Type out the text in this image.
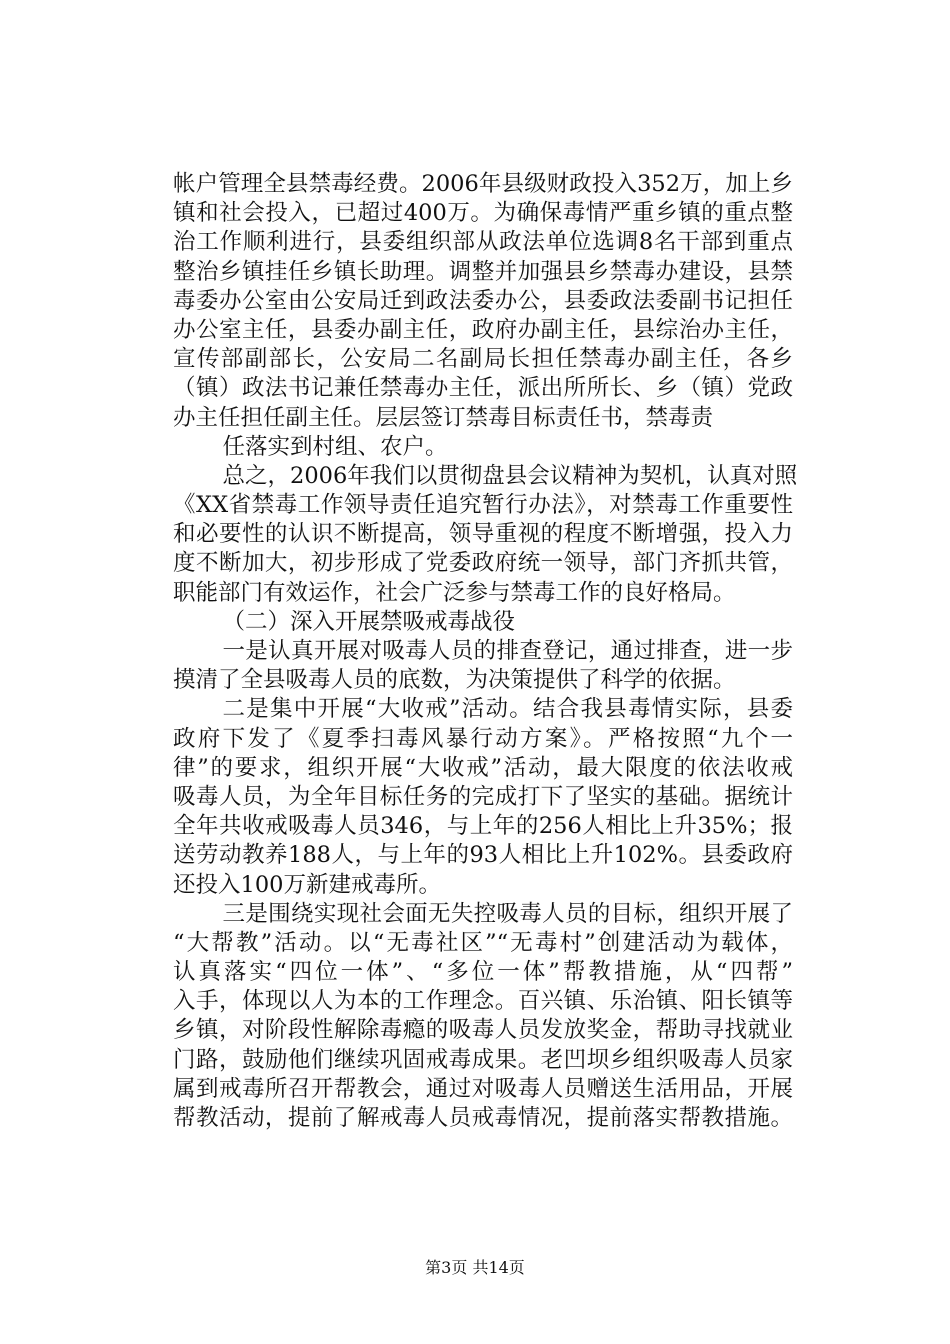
帐户管理全县禁毒经费。2006年县级财政投入352万，加上乡
镇和社会投入，已超过400万。为确保毒情严重乡镇的重点整
治工作顺利进行，县委组织部从政法单位选调8名干部到重点
整治乡镇挂任乡镇长助理。调整并加强县乡禁毒办建设，县禁
毒委办公室由公安局迁到政法委办公，县委政法委副书记担任
办公室主任，县委办副主任，政府办副主任，县综治办主任，
宣传部副部长，公安局二名副局长担任禁毒办副主任，各乡
（镇）政法书记兼任禁毒办主任，派出所所长、乡（镇）党政
办主任担任副主任。层层签订禁毒目标责任书，禁毒责
任落实到村组、农户。
总之，2006年我们以贯彻盘县会议精神为契机，认真对照
《XX省禁毒工作领导责任追究暂行办法》，对禁毒工作重要性
和必要性的认识不断提高，领导重视的程度不断增强，投入力
度不断加大，初步形成了党委政府统一领导，部门齐抓共管，
职能部门有效运作，社会广泛参与禁毒工作的良好格局。
（二）深入开展禁吸戒毒战役
一是认真开展对吸毒人员的排查登记，通过排查，进一步
摸清了全县吸毒人员的底数，为决策提供了科学的依据。
二是集中开展“大收戒”活动。结合我县毒情实际，县委
政府下发了《夏季扫毒风暴行动方案》。严格按照“九个一
律”的要求，组织开展“大收戒”活动，最大限度的依法收戒
吸毒人员，为全年目标任务的完成打下了坚实的基础。据统计
全年共收戒吸毒人员346，与上年的256人相比上升35%；报
送劳动教养188人，与上年的93人相比上升102%。县委政府
还投入100万新建戒毒所。
三是围绕实现社会面无失控吸毒人员的目标，组织开展了
“大帮教”活动。以“无毒社区”“无毒村”创建活动为载体，
认真落实“四位一体”、“多位一体”帮教措施，从“四帮”
入手，体现以人为本的工作理念。百兴镇、乐治镇、阳长镇等
乡镇，对阶段性解除毒瘾的吸毒人员发放奖金，帮助寻找就业
门路，鼓励他们继续巩固戒毒成果。老凹坝乡组织吸毒人员家
属到戒毒所召开帮教会，通过对吸毒人员赠送生活用品，开展
帮教活动，提前了解戒毒人员戒毒情况，提前落实帮教措施。
第3页 共14页
